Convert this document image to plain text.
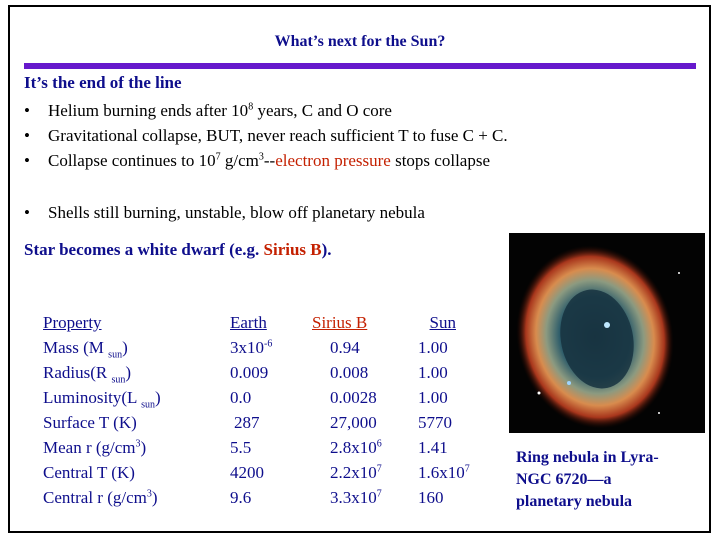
What’s next for the Sun?
It’s the end of the line
• Helium burning ends after $10^8$ years, C and O core
• Gravitational collapse, BUT, never reach sufficient T to fuse C + C.
• Collapse continues to $10^7$ $g/cm^3-$-electron pressure stops collapse
• Shells still burning, unstable, blow off planetary nebula
Star becomes a white dwarf (e.g. Sirius B).
Property
Mass (M $_{sun}$)
Radius(R $_{sun}$)
Luminosity(L $_{sun}$)
Surface T (K)
Mean r $(g/cm^3)$
Central T (K)
Central r $(g/cm^3)$
Earth
$3x10^{-6}$
0.009
0.0
287
5.5
4200
9.6
Sirius B
0.94
0.008
0.0028
27,000
$2.8x10^6$
$2.2x10^7$
$3.3x10^7$
Sun
1.00
1.00
1.00
5770
1.41
$1.6x10^7$
160
Ring nebula in Lyra-
NGC 6720—a
planetary nebula
